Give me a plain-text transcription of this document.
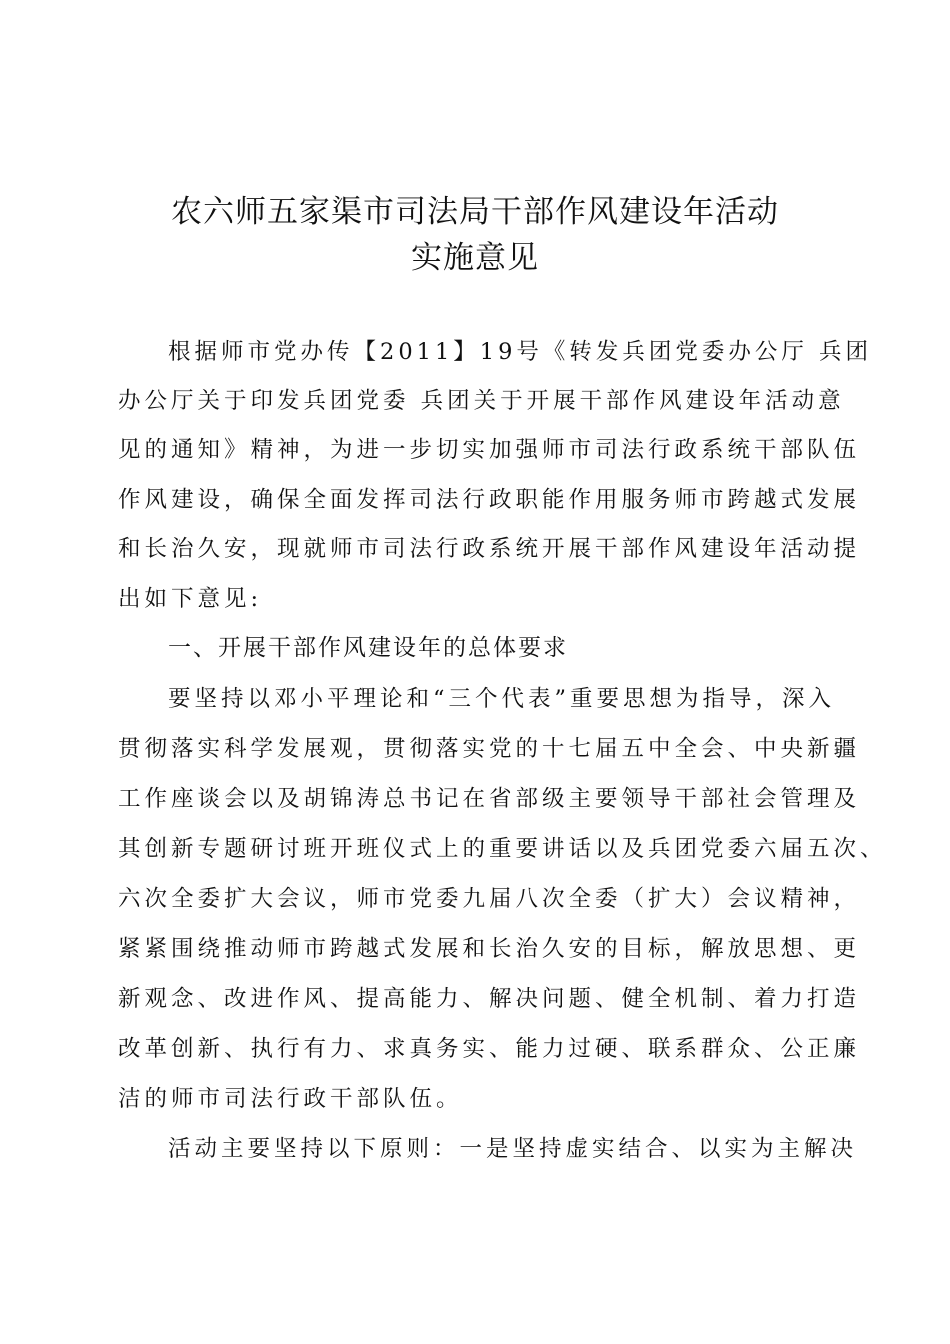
农六师五家渠市司法局干部作风建设年活动
实施意见
根据师市党办传【2011】19号《转发兵团党委办公厅 兵团
办公厅关于印发兵团党委 兵团关于开展干部作风建设年活动意
见的通知》精神，为进一步切实加强师市司法行政系统干部队伍
作风建设，确保全面发挥司法行政职能作用服务师市跨越式发展
和长治久安，现就师市司法行政系统开展干部作风建设年活动提
出如下意见:
一、开展干部作风建设年的总体要求
要坚持以邓小平理论和“三个代表”重要思想为指导，深入
贯彻落实科学发展观，贯彻落实党的十七届五中全会、中央新疆
工作座谈会以及胡锦涛总书记在省部级主要领导干部社会管理及
其创新专题研讨班开班仪式上的重要讲话以及兵团党委六届五次、
六次全委扩大会议，师市党委九届八次全委（扩大）会议精神，
紧紧围绕推动师市跨越式发展和长治久安的目标，解放思想、更
新观念、改进作风、提高能力、解决问题、健全机制、着力打造
改革创新、执行有力、求真务实、能力过硬、联系群众、公正廉
洁的师市司法行政干部队伍。
活动主要坚持以下原则：一是坚持虚实结合、以实为主解决
